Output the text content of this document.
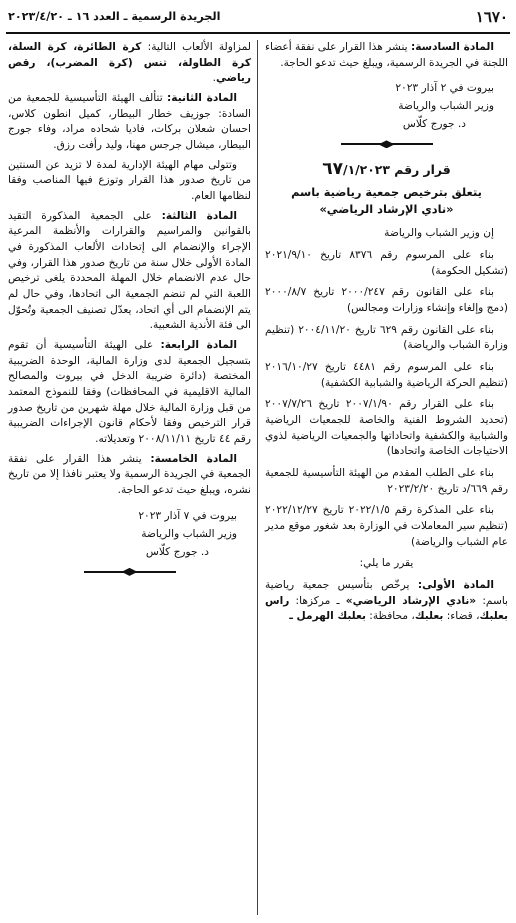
١٦٧٠
الجريدة الرسمية ـ العدد ١٦ ـ ٢٠٢٣/٤/٢٠

المادة السادسة: ينشر هذا القرار على نفقة أعضاء اللجنة في الجريدة الرسمية، ويبلغ حيث تدعو الحاجة.

بيروت في ٢ آذار ٢٠٢٣
وزير الشباب والرياضة
د. جورج كلّاس
قرار رقم ٦٧/١/٢٠٢٣
يتعلق بترخيص جمعية رياضية باسم
«نادي الإرشاد الرياضي»

إن وزير الشباب والرياضة

بناء على المرسوم رقم ٨٣٧٦ تاريخ ٢٠٢١/٩/١٠ (تشكيل الحكومة)

بناء على القانون رقم ٢٠٠٠/٢٤٧ تاريخ ٢٠٠٠/٨/٧ (دمج وإلغاء وإنشاء وزارات ومجالس)

بناء على القانون رقم ٦٢٩ تاريخ ٢٠٠٤/١١/٢٠ (تنظيم وزارة الشباب والرياضة)

بناء على المرسوم رقم ٤٤٨١ تاريخ ٢٠١٦/١٠/٢٧ (تنظيم الحركة الرياضية والشبابية الكشفية)

بناء على القرار رقم ٢٠٠٧/١/٩٠ تاريخ ٢٠٠٧/٧/٢٦ (تحديد الشروط الفنية والخاصة للجمعيات الرياضية والشبابية والكشفية واتحاداتها والجمعيات الرياضية لذوي الاحتياجات الخاصة واتحادها)

بناء على الطلب المقدم من الهيئة التأسيسية للجمعية رقم ٦٦٩/د تاريخ ٢٠٢٣/٢/٢٠

بناء على المذكرة رقم ٢٠٢٢/١/٥ تاريخ ٢٠٢٢/١٢/٢٧ (تنظيم سير المعاملات في الوزارة بعد شغور موقع مدير عام الشباب والرياضة)

يقرر ما يلي:

المادة الأولى: يرخّص بتأسيس جمعية رياضية باسم: «نادي الإرشاد الرياضي» ـ مركزها: راس بعلبك، قضاء: بعلبك، محافظة: بعلبك الهرمل ـ

لمزاولة الألعاب التالية: كرة الطائرة، كرة السلة، كرة الطاولة، تنس (كرة المضرب)، رقص رياضي.

المادة الثانية: تتألف الهيئة التأسيسية للجمعية من السادة: جوزيف خطار البيطار، كميل انطون كلاس، احسان شعلان بركات، فاديا شحاده مراد، وفاء جورج البيطار، ميشال جرجس مهنا، وليد رأفت رزق.

وتتولى مهام الهيئة الإدارية لمدة لا تزيد عن السنتين من تاريخ صدور هذا القرار وتوزع فيها المناصب وفقا لنظامها العام.

المادة الثالثة: على الجمعية المذكورة التقيد بالقوانين والمراسيم والقرارات والأنظمة المرعية الإجراء والإنضمام الى إتحادات الألعاب المذكورة في المادة الأولى خلال سنة من تاريخ صدور هذا القرار، وفي حال عدم الانضمام خلال المهلة المحددة يلغى ترخيص اللعبة التي لم تنضم الجمعية الى اتحادها، وفي حال لم يتم الإنضمام الى أي اتحاد، يعدّل تصنيف الجمعية وتُحوّل الى فئة الأندية الشعبية.

المادة الرابعة: على الهيئة التأسيسية أن تقوم بتسجيل الجمعية لدى وزارة المالية، الوحدة الضريبية المختصة (دائرة ضريبة الدخل في بيروت والمصالح المالية الاقليمية في المحافظات) وفقا للنموذج المعتمد من قبل وزارة المالية خلال مهلة شهرين من تاريخ صدور قرار الترخيص وفقا لأحكام قانون الإجراءات الضريبية رقم ٤٤ تاريخ ٢٠٠٨/١١/١١ وتعديلاته.

المادة الخامسة: ينشر هذا القرار على نفقة الجمعية في الجريدة الرسمية ولا يعتبر نافذا إلا من تاريخ نشره، ويبلغ حيث تدعو الحاجة.

بيروت في ٧ آذار ٢٠٢٣
وزير الشباب والرياضة
د. جورج كلّاس
